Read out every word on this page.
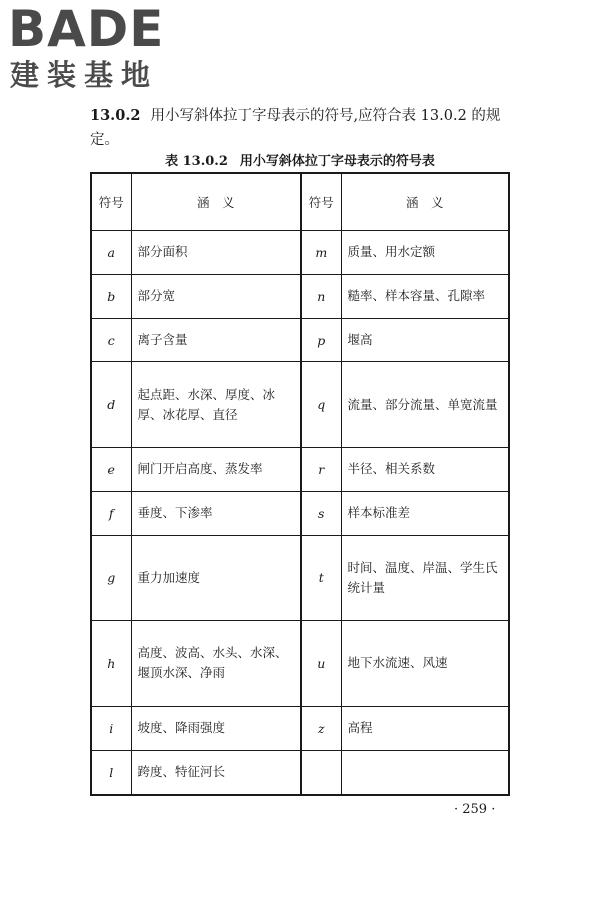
BADE
建装基地
13.0.2 用小写斜体拉丁字母表示的符号,应符合表 13.0.2 的规定。
表 13.0.2 用小写斜体拉丁字母表示的符号表
符号	涵　义	符号	涵　义
a	部分面积	m	质量、用水定额
b	部分宽	n	糙率、样本容量、孔隙率
c	离子含量	p	堰高
d	起点距、水深、厚度、冰厚、冰花厚、直径	q	流量、部分流量、单宽流量
e	闸门开启高度、蒸发率	r	半径、相关系数
f	垂度、下渗率	s	样本标准差
g	重力加速度	t	时间、温度、岸温、学生氏统计量
h	高度、波高、水头、水深、堰顶水深、净雨	u	地下水流速、风速
i	坡度、降雨强度	z	高程
l	跨度、特征河长		
· 259 ·
